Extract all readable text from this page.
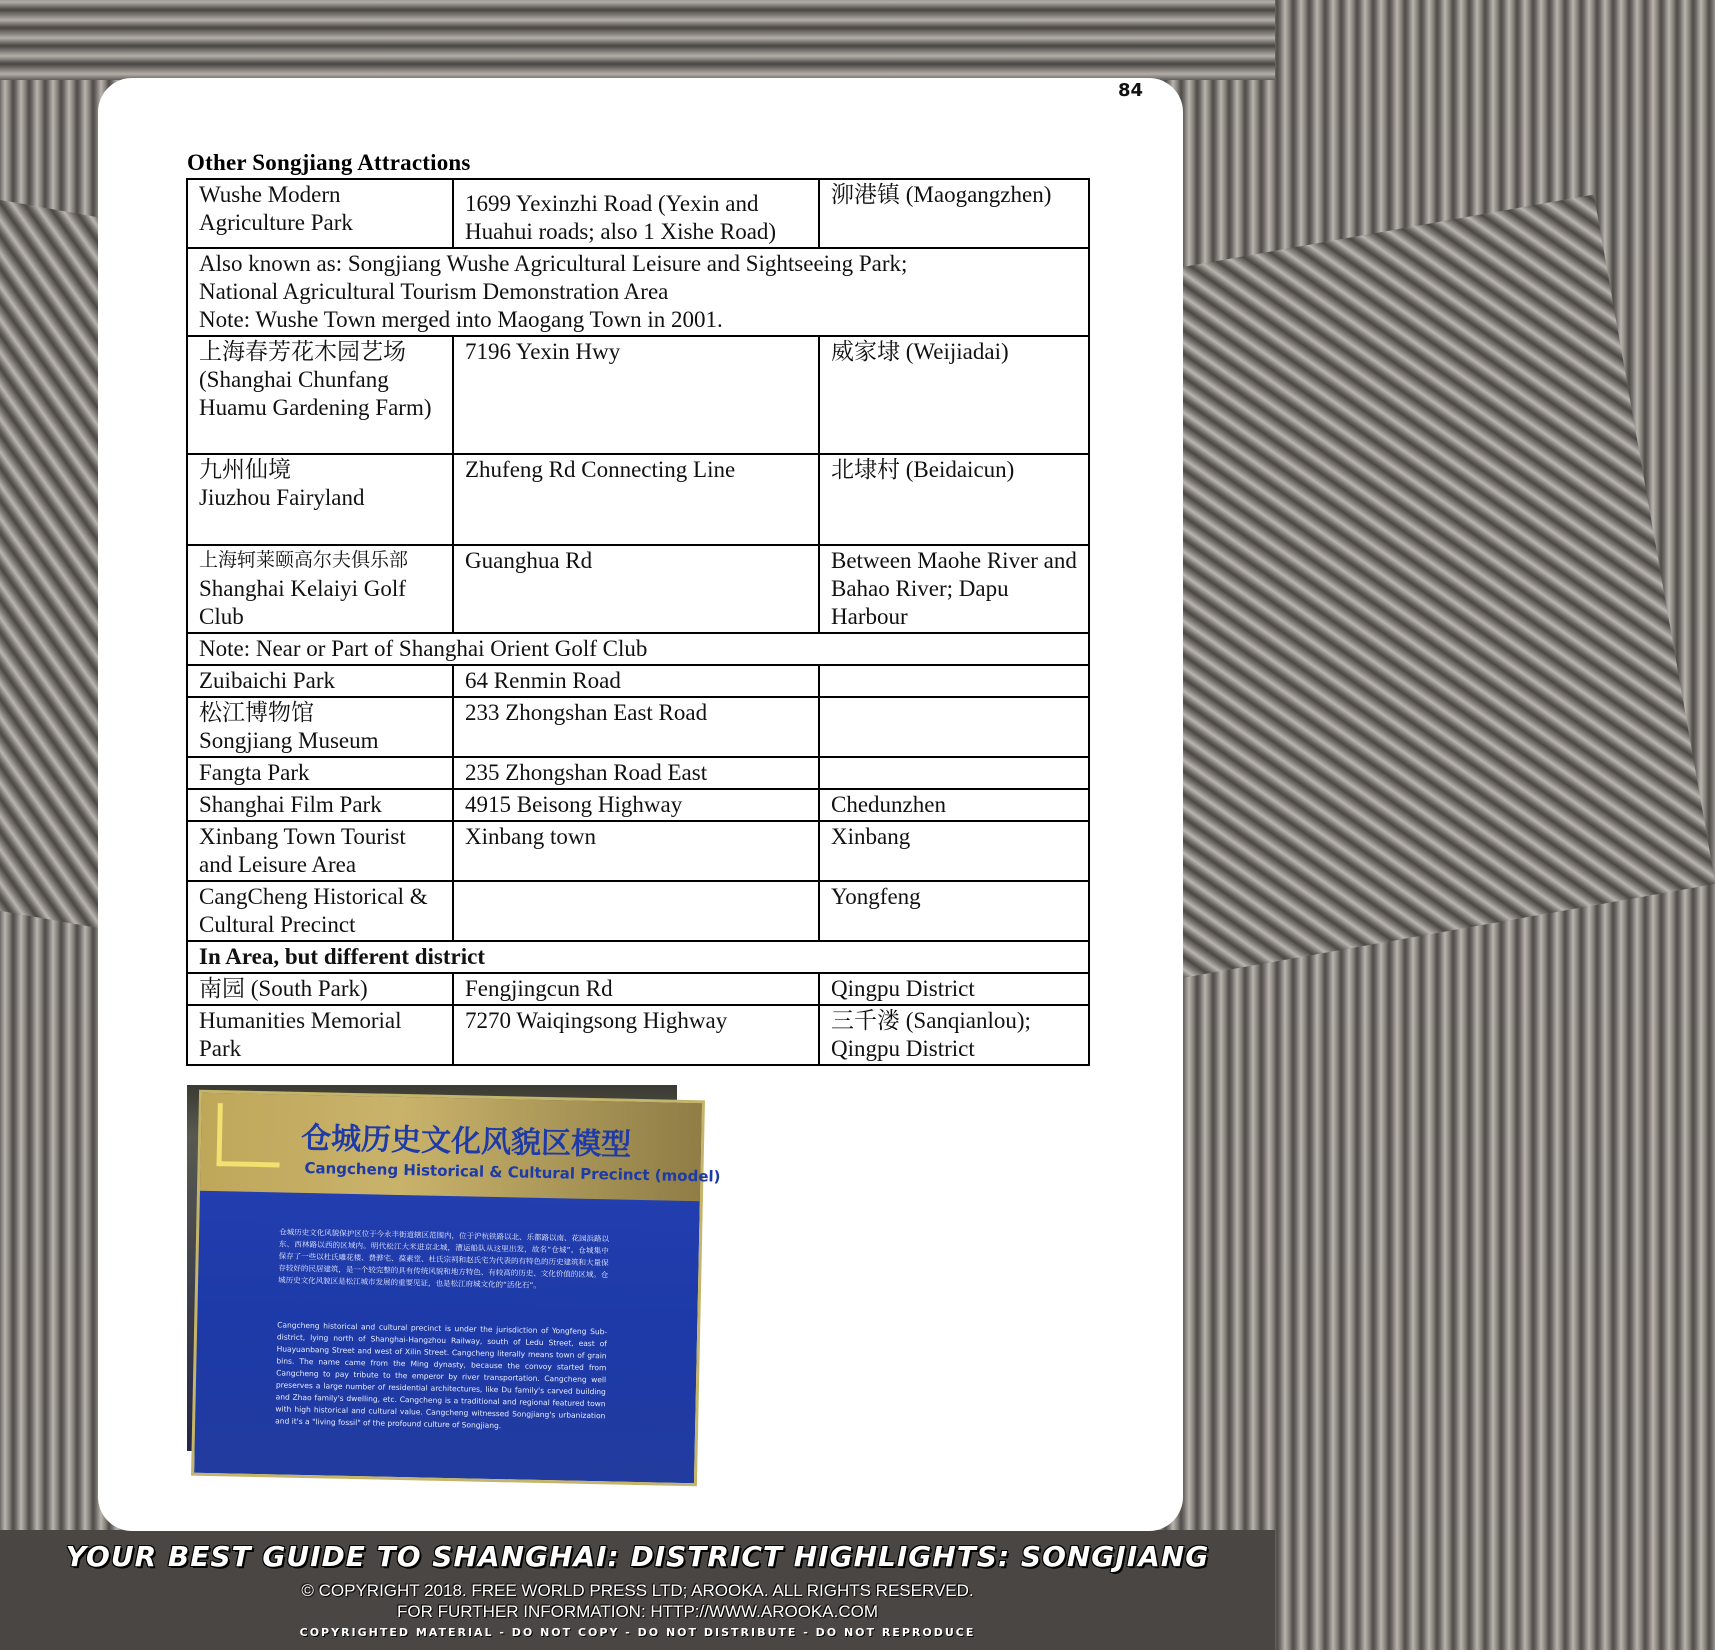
84
Other Songjiang Attractions
Wushe Modern Agriculture Park	1699 Yexinzhi Road (Yexin and Huahui roads; also 1 Xishe Road)	泖港镇 (Maogangzhen)

Also known as: Songjiang Wushe Agricultural Leisure and Sightseeing Park;
National Agricultural Tourism Demonstration Area
Note: Wushe Town merged into Maogang Town in 2001.		

上海春芳花木园艺场 (Shanghai Chunfang Huamu Gardening Farm)	7196 Yexin Hwy	威家埭 (Weijiadai)

九州仙境
Jiuzhou Fairyland	Zhufeng Rd Connecting Line	北埭村 (Beidaicun)

上海轲莱颐高尔夫俱乐部
Shanghai Kelaiyi Golf Club	Guanghua Rd	Between Maohe River and Bahao River; Dapu Harbour
Note: Near or Part of Shanghai Orient Golf Club		
Zuibaichi Park	64 Renmin Road	

松江博物馆
Songjiang Museum	233 Zhongshan East Road	
Fangta Park	235 Zhongshan Road East	
Shanghai Film Park	4915 Beisong Highway	Chedunzhen
Xinbang Town Tourist and Leisure Area	Xinbang town	Xinbang
CangCheng Historical & Cultural Precinct		Yongfeng
In Area, but different district		
南园 (South Park)	Fengjingcun Rd	Qingpu District
Humanities Memorial Park	7270 Waiqingsong Highway	三千溇 (Sanqianlou); Qingpu District
仓城历史文化风貌区模型
Cangcheng Historical & Cultural Precinct (model)
仓城历史文化风貌保护区位于今永丰街道辖区范围内，位于沪杭铁路以北、乐都路以南、花园浜路以东、西林路以西的区域内。明代松江大米进京北城，漕运船队从这里出发，故名“仓城”。仓城集中保存了一些以杜氏雕花楼、费骅宅、葆素堂、杜氏宗祠和赵氏宅为代表的有特色的历史建筑和大量保存较好的民居建筑，是一个较完整的具有传统风貌和地方特色、有较高的历史、文化价值的区域。仓城历史文化风貌区是松江城市发展的重要见证，也是松江府城文化的“活化石”。
Cangcheng historical and cultural precinct is under the jurisdiction of Yongfeng Sub-district, lying north of Shanghai-Hangzhou Railway, south of Ledu Street, east of Huayuanbang Street and west of Xilin Street. Cangcheng literally means town of grain bins. The name came from the Ming dynasty, because the convoy started from Cangcheng to pay tribute to the emperor by river transportation. Cangcheng well preserves a large number of residential architectures, like Du family's carved building and Zhao family's dwelling, etc. Cangcheng is a traditional and regional featured town with high historical and cultural value. Cangcheng witnessed Songjiang's urbanization and it's a "living fossil" of the profound culture of Songjiang.
YOUR BEST GUIDE TO SHANGHAI: DISTRICT HIGHLIGHTS: SONGJIANG
© COPYRIGHT 2018. FREE WORLD PRESS LTD; AROOKA. ALL RIGHTS RESERVED.
FOR FURTHER INFORMATION: HTTP://WWW.AROOKA.COM
COPYRIGHTED MATERIAL - DO NOT COPY - DO NOT DISTRIBUTE - DO NOT REPRODUCE
